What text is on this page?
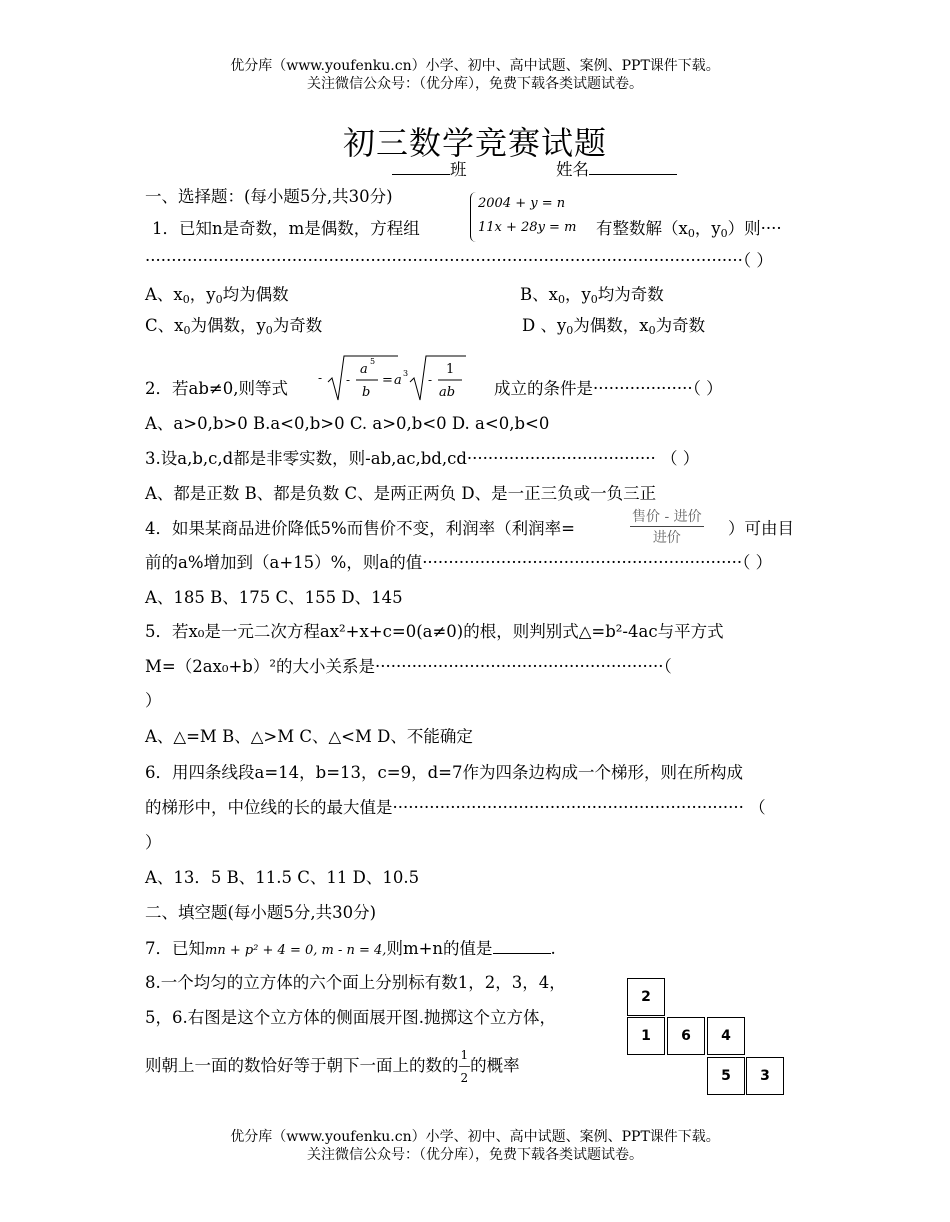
优分库（www.youfenku.cn）小学、初中、高中试题、案例、PPT课件下载。
关注微信公众号：（优分库），免费下载各类试题试卷。
初三数学竞赛试题
班	姓名
一、选择题：(每小题5分,共30分)
1．已知n是奇数，m是偶数，方程组
2004 + y = n
11x + 28y = m 有整数解（$x_0$，$y_0$）则····
··················································································································（ ）
A、$x_0$，$y_0$均为偶数	B、$x_0$，$y_0$均为奇数
C、$x_0$为偶数，$y_0$为奇数	D 、$y_0$为偶数，$x_0$为奇数
2．若ab≠0,则等式
- -
a
5
b
= a 3 -
1
ab 成立的条件是···················（ ）
A、a>0,b>0 B.a<0,b>0 C. a>0,b<0 D. a<0,b<0
3.设a,b,c,d都是非零实数，则-ab,ac,bd,cd···································· （ ）
A、都是正数 B、都是负数 C、是两正两负 D、是一正三负或一负三正
4．如果某商品进价降低5%而售价不变，利润率（利润率=
售价 - 进价
进价	）可由目
前的a%增加到（a+15）%，则a的值·····························································（ ）
A、185 B、175 C、155 D、145
5．若x₀是一元二次方程ax²+x+c=0(a≠0)的根，则判别式△=b²-4ac与平方式
M=（2ax₀+b）²的大小关系是·······················································（
）
A、△=M B、△>M C、△<M D、不能确定
6．用四条线段a=14，b=13，c=9，d=7作为四条边构成一个梯形，则在所构成
的梯形中，中位线的长的最大值是··································································· （
）
A、13．5 B、11.5 C、11 D、10.5
二、填空题(每小题5分,共30分)
7．已知mn + p² + 4 = 0, m - n = 4,则m+n的值是	.
8.一个均匀的立方体的六个面上分别标有数1，2，3，4，
5，6.右图是这个立方体的侧面展开图.抛掷这个立方体，
则朝上一面的数恰好等于朝下一面上的数的 $\frac{1}{2}$ 的概率
2
1	6	4
5	3
优分库（www.youfenku.cn）小学、初中、高中试题、案例、PPT课件下载。
关注微信公众号：（优分库），免费下载各类试题试卷。
